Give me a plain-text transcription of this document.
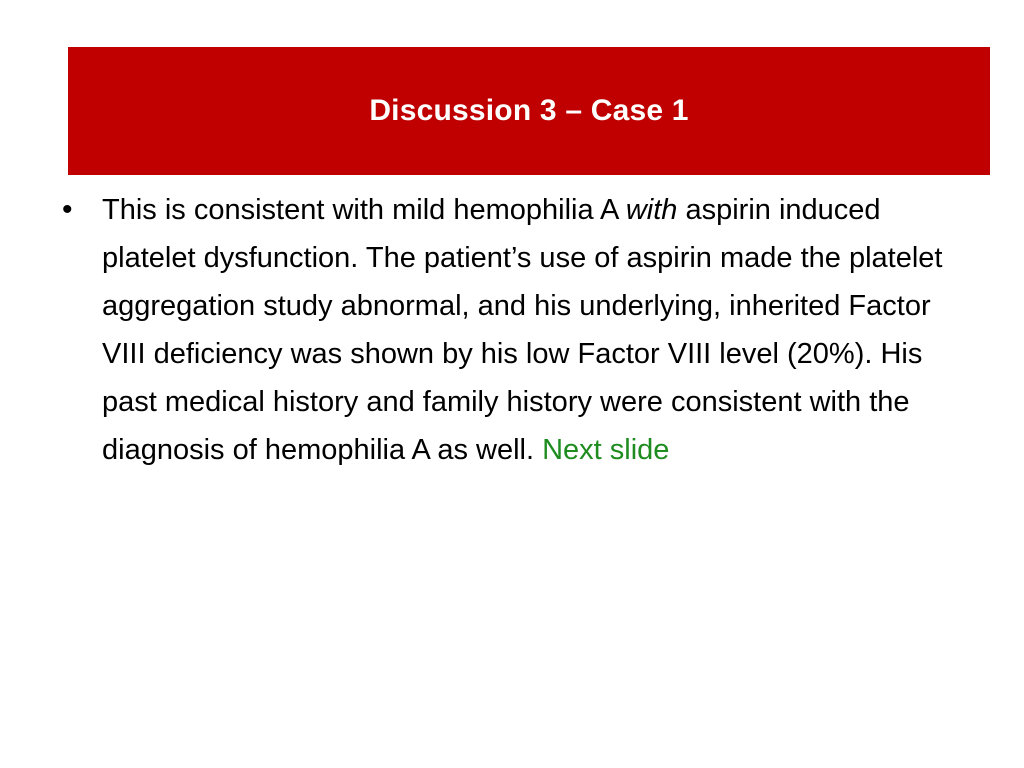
Discussion 3 – Case 1
•	This is consistent with mild hemophilia A with aspirin induced platelet dysfunction. The patient’s use of aspirin made the platelet aggregation study abnormal, and his underlying, inherited Factor VIII deficiency was shown by his low Factor VIII level (20%). His past medical history and family history were consistent with the diagnosis of hemophilia A as well. Next slide
